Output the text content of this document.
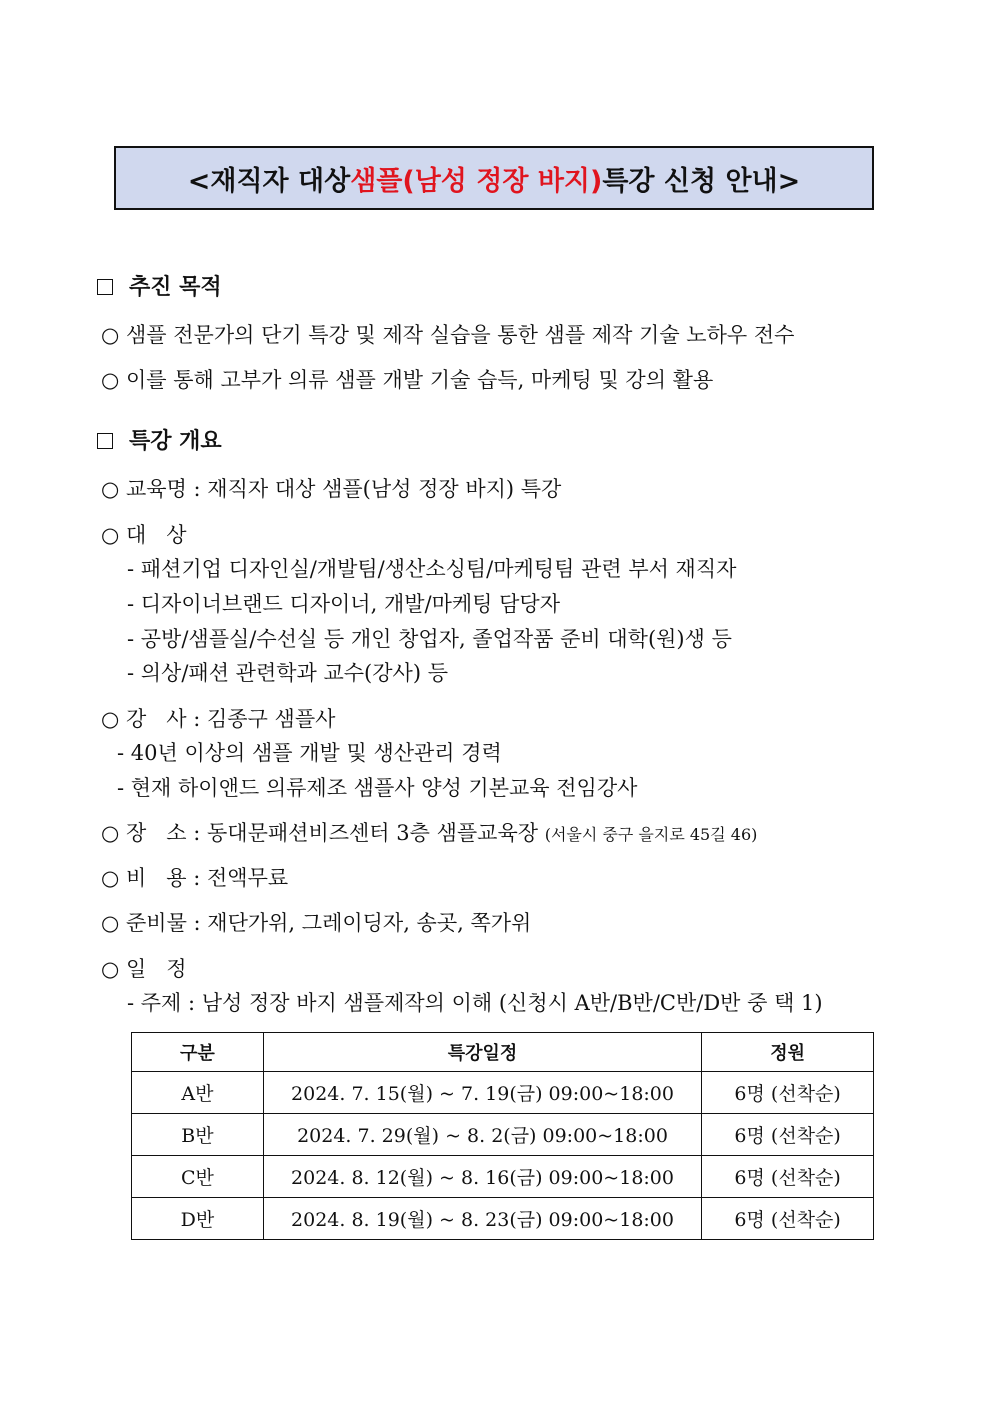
<재직자 대상 샘플(남성 정장 바지) 특강 신청 안내>
추진 목적
○ 샘플 전문가의 단기 특강 및 제작 실습을 통한 샘플 제작 기술 노하우 전수
○ 이를 통해 고부가 의류 샘플 개발 기술 습득, 마케팅 및 강의 활용
특강 개요
○ 교육명 : 재직자 대상 샘플(남성 정장 바지) 특강
○ 대   상
- 패션기업 디자인실/개발팀/생산소싱팀/마케팅팀 관련 부서 재직자
- 디자이너브랜드 디자이너, 개발/마케팅 담당자
- 공방/샘플실/수선실 등 개인 창업자, 졸업작품 준비 대학(원)생 등
- 의상/패션 관련학과 교수(강사) 등
○ 강   사 : 김종구 샘플사
- 40년 이상의 샘플 개발 및 생산관리 경력
- 현재 하이앤드 의류제조 샘플사 양성 기본교육 전임강사
○ 장   소 : 동대문패션비즈센터 3층 샘플교육장 (서울시 중구 을지로 45길 46)
○ 비   용 : 전액무료
○ 준비물 : 재단가위, 그레이딩자, 송곳, 쪽가위
○ 일   정
- 주제 : 남성 정장 바지 샘플제작의 이해 (신청시 A반/B반/C반/D반 중 택 1)
구분	특강일정	정원
A반	2024. 7. 15(월) ~ 7. 19(금) 09:00~18:00	6명 (선착순)
B반	2024. 7. 29(월) ~ 8. 2(금) 09:00~18:00	6명 (선착순)
C반	2024. 8. 12(월) ~ 8. 16(금) 09:00~18:00	6명 (선착순)
D반	2024. 8. 19(월) ~ 8. 23(금) 09:00~18:00	6명 (선착순)
